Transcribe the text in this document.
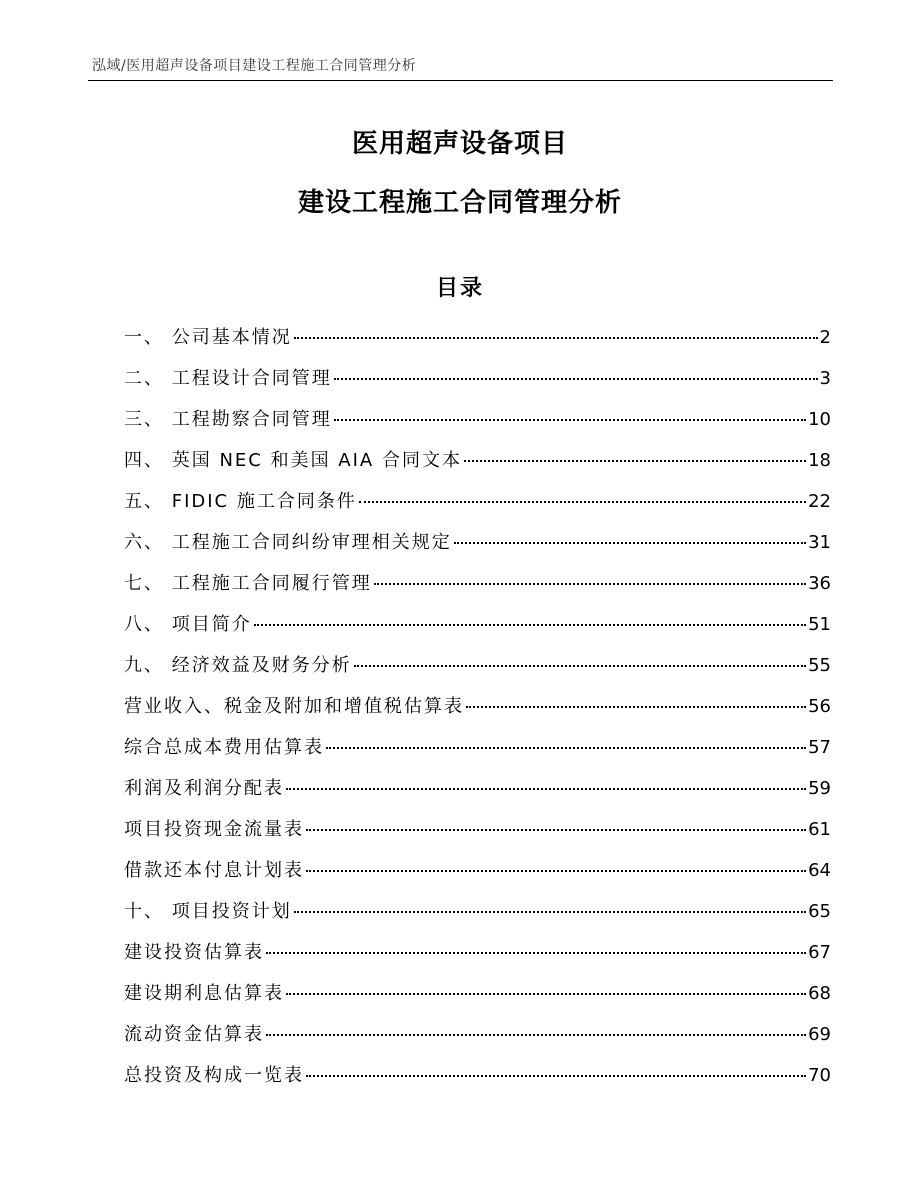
泓域/医用超声设备项目建设工程施工合同管理分析
医用超声设备项目
建设工程施工合同管理分析
目录
一、 公司基本情况	2
二、 工程设计合同管理	3
三、 工程勘察合同管理	10
四、 英国 NEC 和美国 AIA 合同文本	18
五、 FIDIC 施工合同条件	22
六、 工程施工合同纠纷审理相关规定	31
七、 工程施工合同履行管理	36
八、 项目简介	51
九、 经济效益及财务分析	55
营业收入、税金及附加和增值税估算表	56
综合总成本费用估算表	57
利润及利润分配表	59
项目投资现金流量表	61
借款还本付息计划表	64
十、 项目投资计划	65
建设投资估算表	67
建设期利息估算表	68
流动资金估算表	69
总投资及构成一览表	70
